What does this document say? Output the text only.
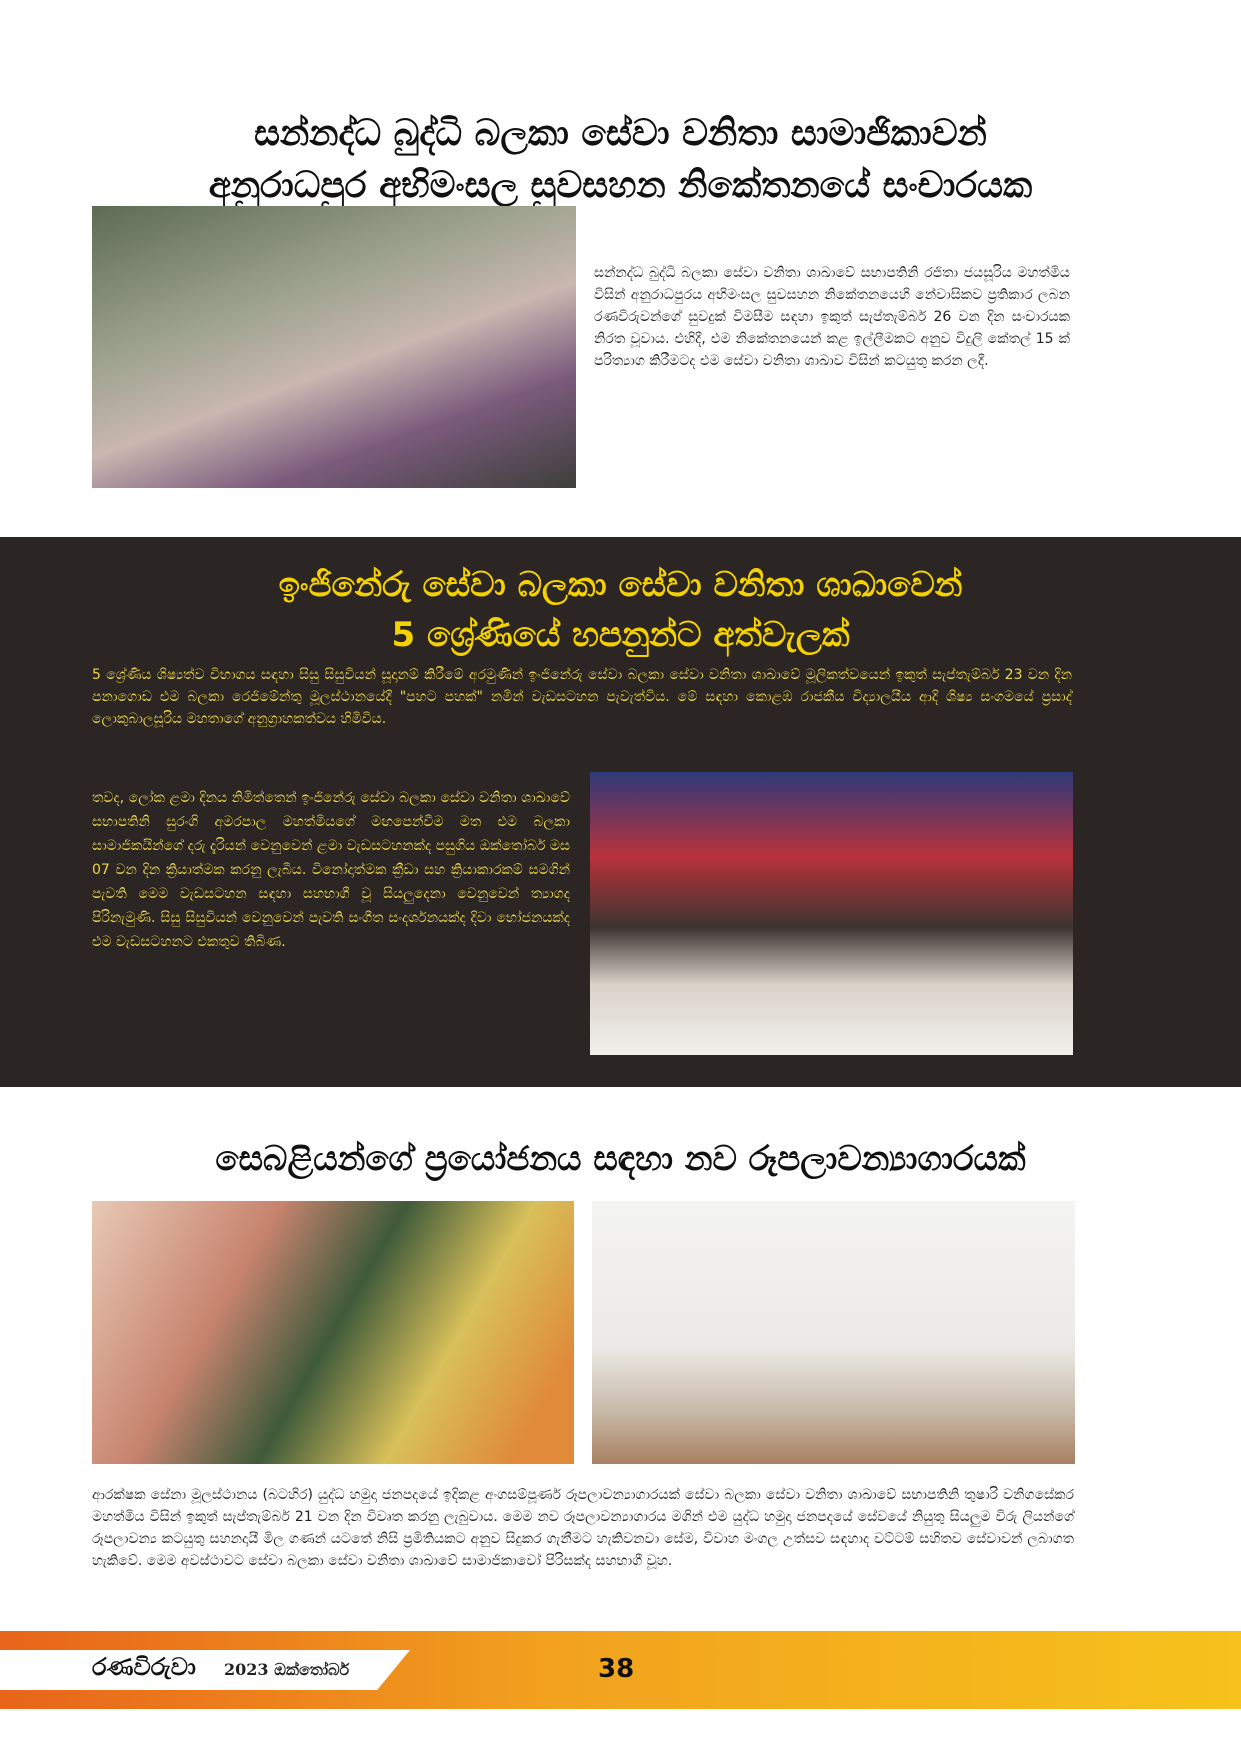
සන්නද්ධ බුද්ධි බලකා සේවා වනිතා සාමාජිකාවන්
අනුරාධපුර අභිමංසල සුවසහන නිකේතනයේ සංචාරයක
සන්නද්ධ බුද්ධි බලකා සේවා වනිතා ශාඛාවේ සභාපතිනි රජිතා ජයසූරිය මහත්මිය විසින් අනුරාධපුරය අභිමංසල සුවසහන නිකේතනයෙහි නේවාසිකව ප්‍රතිකාර ලබන රණවිරුවන්ගේ සුවදුක් විමසීම සඳහා ඉකුත් සැප්තැම්බර් 26 වන දින සංචාරයක නිරත වූවාය. එහිදී, එම නිකේතනයෙන් කළ ඉල්ලීමකට අනුව විදුලි කේතල් 15 ක් පරිත්‍යාග කිරීමටද එම සේවා වනිතා ශාඛාව විසින් කටයුතු කරන ලදී.
ඉංජිනේරු සේවා බලකා සේවා වනිතා ශාඛාවෙන්
5 ශ්‍රේණියේ හපනුන්ට අත්වැලක්
5 ශ්‍රේණිය ශිෂ්‍යත්ව විභාගය සඳහා සිසු සිසුවියන් සූදානම් කිරීමේ අරමුණින් ඉංජිනේරු සේවා බලකා සේවා වනිතා ශාඛාවේ මූලිකත්වයෙන් ඉකුත් සැප්තැම්බර් 23 වන දින පනාගොඩ එම බලකා රෙජිමේන්තු මූලස්ථානයේදී "පහට පහක්" නමින් වැඩසටහන පැවැත්විය. මේ සඳහා කොළඹ රාජකීය විද්‍යාලයීය ආදි ශිෂ්‍ය සංගමයේ ප්‍රසාද් ලොකුබාලසූරිය මහතාගේ අනුග්‍රාහකත්වය හිමිවිය.
තවද, ලෝක ළමා දිනය නිමිත්තෙන් ඉංජිනේරු සේවා බලකා සේවා වනිතා ශාඛාවේ සභාපතිනි සුරංගි අමරපාල මහත්මියගේ මඟපෙන්වීම මත එම බලකා සාමාජිකයින්ගේ දරු දැරියන් වෙනුවෙන් ළමා වැඩසටහනක්ද පසුගිය ඔක්තෝබර් මස 07 වන දින ක්‍රියාත්මක කරනු ලැබීය. විනෝදාත්මක ක්‍රීඩා සහ ක්‍රියාකාරකම් සමගින් පැවති මෙම වැඩසටහන සඳහා සහභාගී වූ සියලුදෙනා වෙනුවෙන් ත්‍යාගද පිරිනැමුණි. සිසු සිසුවියන් වෙනුවෙන් පැවති සංගීත සංදර්ශනයක්ද දිවා භෝජනයක්ද එම වැඩසටහනට එකතුව තිබිණ.
සෙබළියන්ගේ ප්‍රයෝජනය සඳහා නව රූපලාවන්‍යාගාරයක්
ආරක්ෂක සේනා මූලස්ථානය (බටහිර) යුද්ධ හමුදා ජනපදයේ ඉදිකළ අංගසම්පූර්ණ රූපලාවන්‍යාගාරයක් සේවා බලකා සේවා වනිතා ශාඛාවේ සභාපතිනි තුෂාරි වනිගසේකර මහත්මිය විසින් ඉකුත් සැප්තැම්බර් 21 වන දින විවෘත කරනු ලැබුවාය. මෙම නව රූපලාවන්‍යාගාරය මගින් එම යුද්ධ හමුදා ජනපදයේ සේවයේ නියුතු සියලුම විරු ලියන්ගේ රූපලාවන්‍ය කටයුතු සහනදායී මිල ගණන් යටතේ නිසි ප්‍රමිතියකට අනුව සිදුකර ගැනීමට හැකිවනවා සේම, විවාහ මංගල උත්සව සඳහාද වට්ටම් සහිතව සේවාවන් ලබාගත හැකිවේ. මෙම අවස්ථාවට සේවා බලකා සේවා වනිතා ශාඛාවේ සාමාජිකාවෝ පිරිසක්ද සහභාගී වූහ.
රණවිරුවා 2023 ඔක්තෝබර්	38
